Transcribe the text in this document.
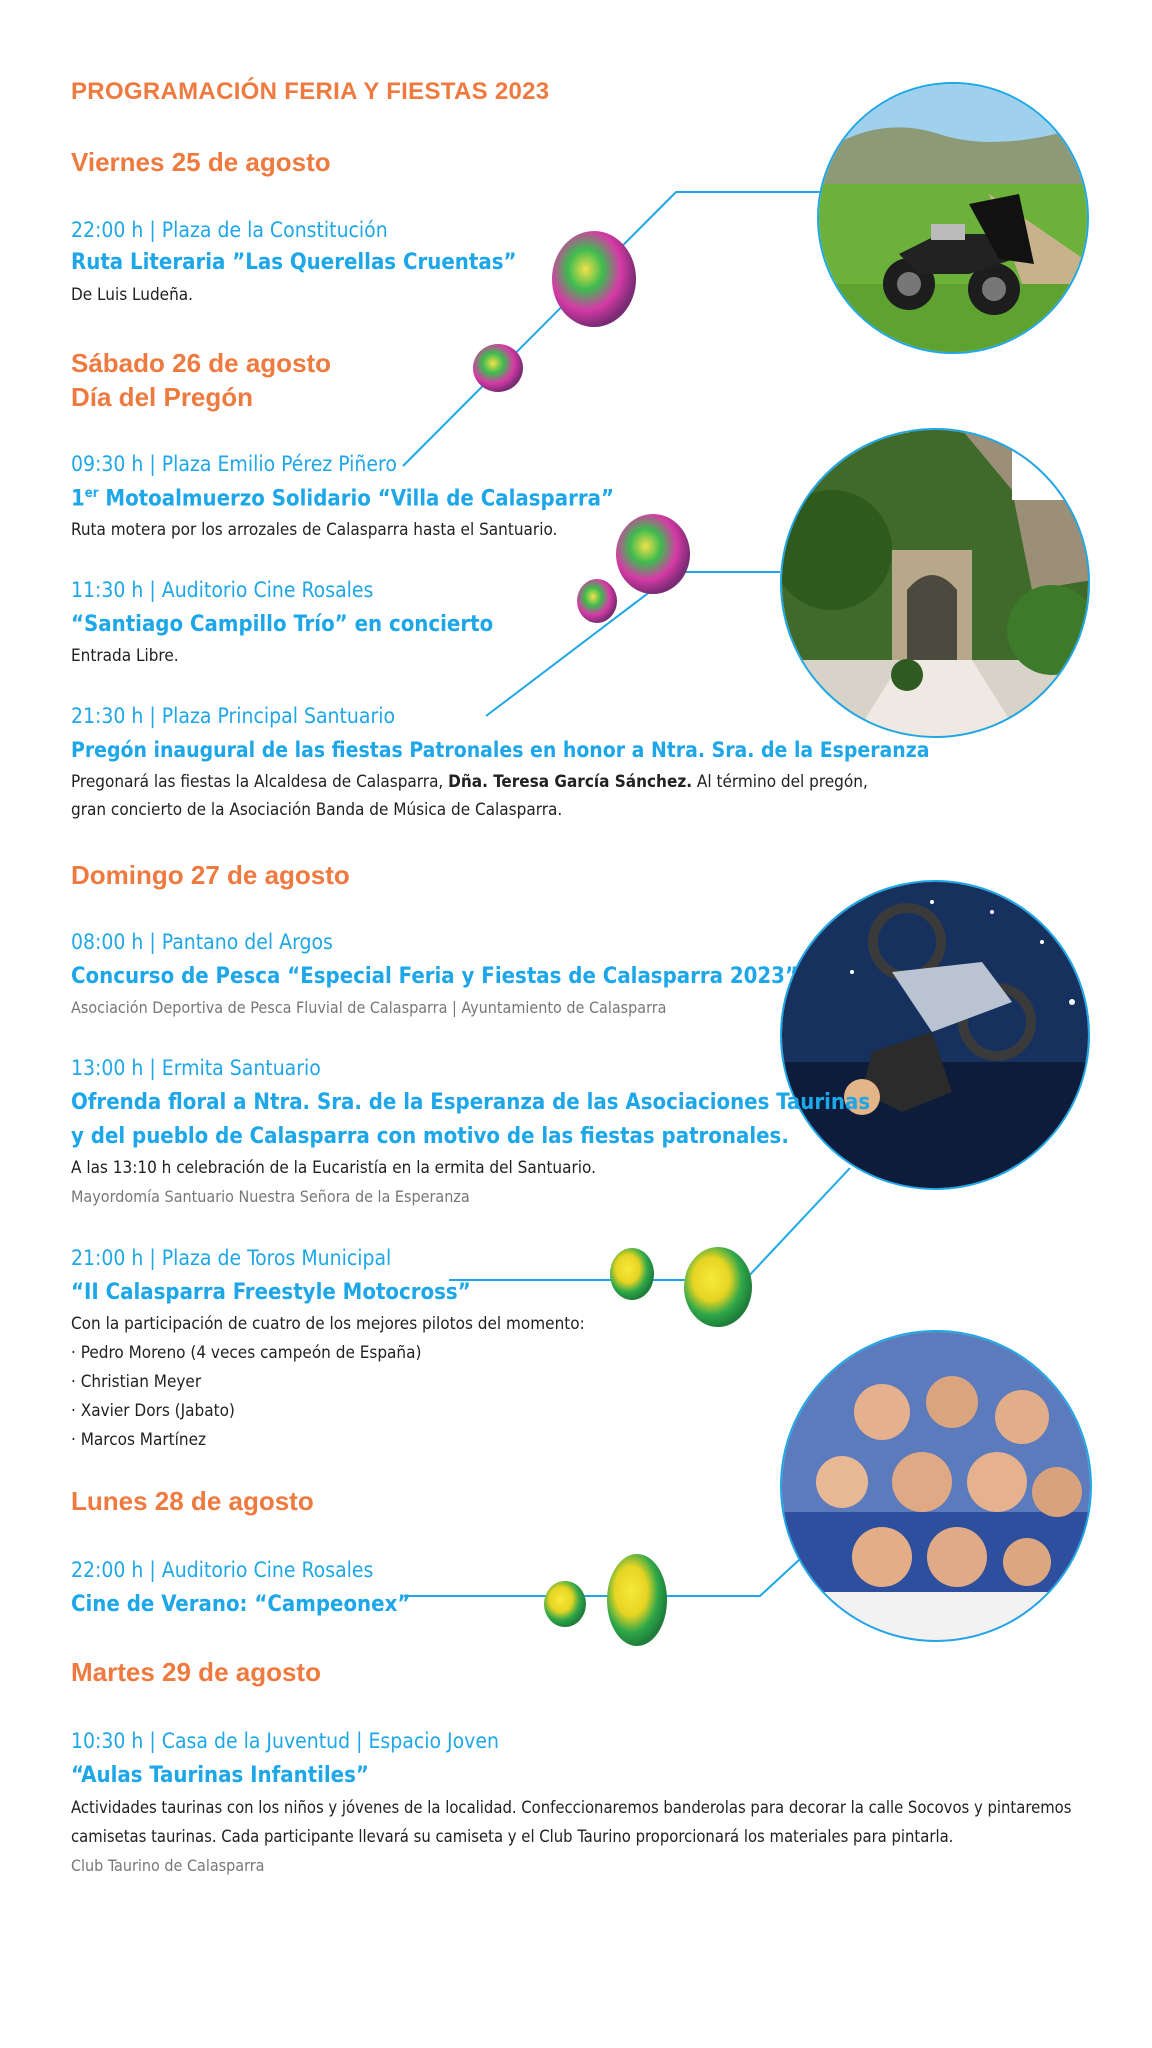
PROGRAMACIÓN FERIA Y FIESTAS 2023
Viernes 25 de agosto
22:00 h | Plaza de la Constitución
Ruta Literaria ”Las Querellas Cruentas”
De Luis Ludeña.
Sábado 26 de agosto
Día del Pregón
09:30 h | Plaza Emilio Pérez Piñero
1er Motoalmuerzo Solidario “Villa de Calasparra”
Ruta motera por los arrozales de Calasparra hasta el Santuario.
11:30 h | Auditorio Cine Rosales
“Santiago Campillo Trío” en concierto
Entrada Libre.
21:30 h | Plaza Principal Santuario
Pregón inaugural de las fiestas Patronales en honor a Ntra. Sra. de la Esperanza
Pregonará las fiestas la Alcaldesa de Calasparra, Dña. Teresa García Sánchez. Al término del pregón,
gran concierto de la Asociación Banda de Música de Calasparra.
Domingo 27 de agosto
08:00 h | Pantano del Argos
Concurso de Pesca “Especial Feria y Fiestas de Calasparra 2023”
Asociación Deportiva de Pesca Fluvial de Calasparra | Ayuntamiento de Calasparra
13:00 h | Ermita Santuario
Ofrenda floral a Ntra. Sra. de la Esperanza de las Asociaciones Taurinas
y del pueblo de Calasparra con motivo de las fiestas patronales.
A las 13:10 h celebración de la Eucaristía en la ermita del Santuario.
Mayordomía Santuario Nuestra Señora de la Esperanza
21:00 h | Plaza de Toros Municipal
“II Calasparra Freestyle Motocross”
Con la participación de cuatro de los mejores pilotos del momento:
· Pedro Moreno (4 veces campeón de España)
· Christian Meyer
· Xavier Dors (Jabato)
· Marcos Martínez
Lunes 28 de agosto
22:00 h | Auditorio Cine Rosales
Cine de Verano: “Campeonex”
Martes 29 de agosto
10:30 h | Casa de la Juventud | Espacio Joven
“Aulas Taurinas Infantiles”
Actividades taurinas con los niños y jóvenes de la localidad. Confeccionaremos banderolas para decorar la calle Socovos y pintaremos
camisetas taurinas. Cada participante llevará su camiseta y el Club Taurino proporcionará los materiales para pintarla.
Club Taurino de Calasparra
